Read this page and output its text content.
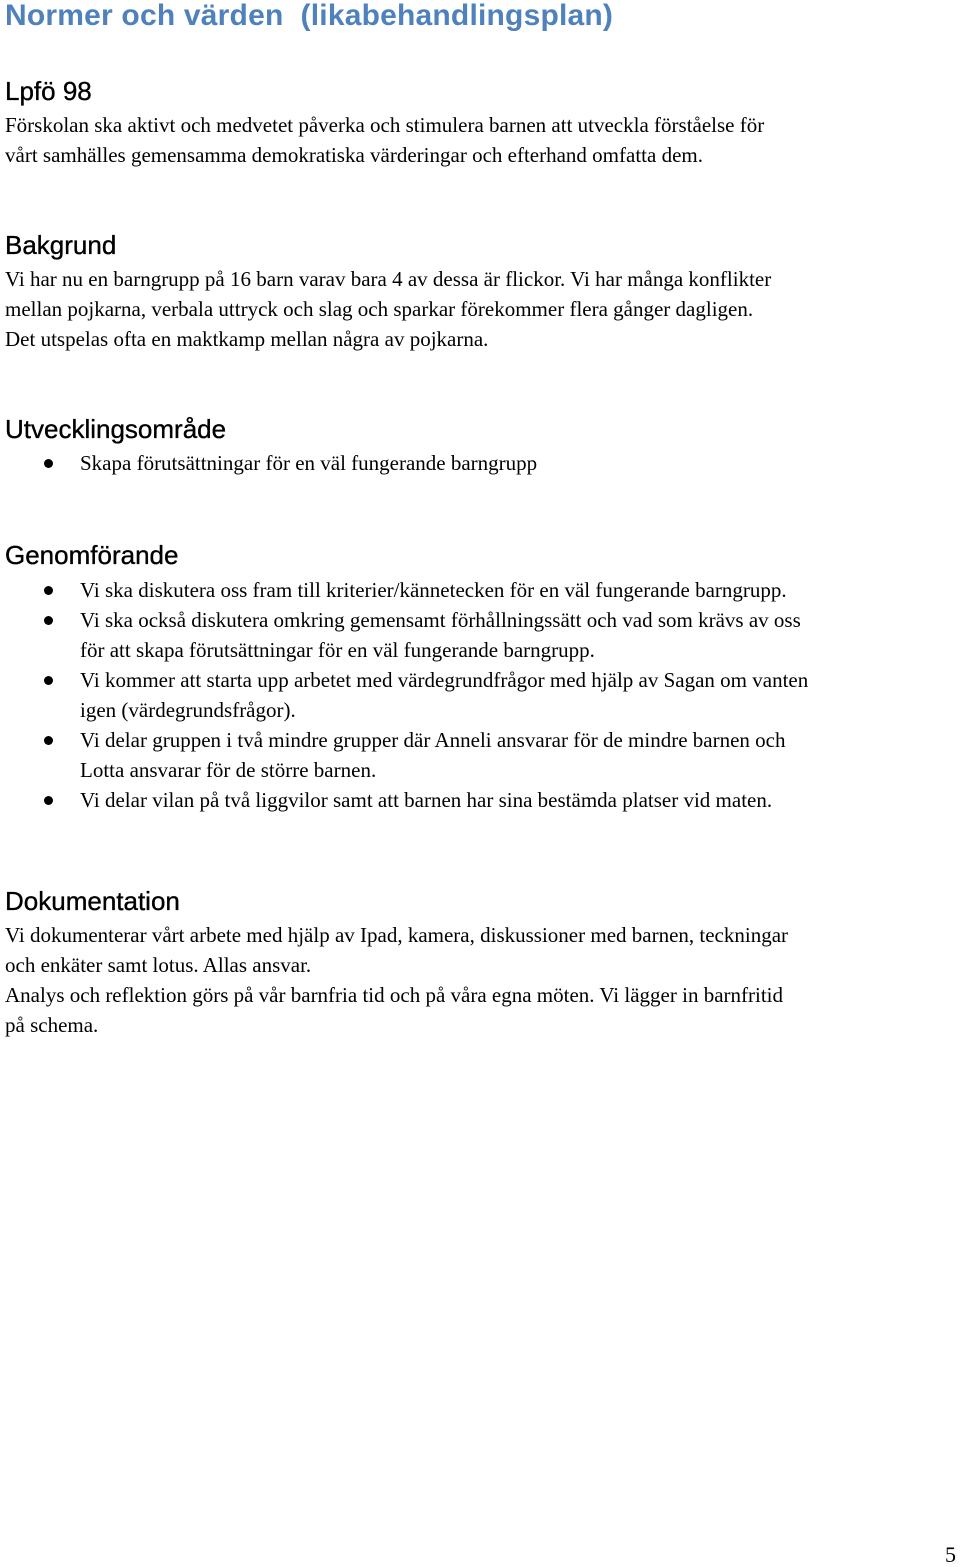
Normer och värden  (likabehandlingsplan)
Lpfö 98

Förskolan ska aktivt och medvetet påverka och stimulera barnen att utveckla förståelse för
vårt samhälles gemensamma demokratiska värderingar och efterhand omfatta dem.

Bakgrund

Vi har nu en barngrupp på 16 barn varav bara 4 av dessa är flickor. Vi har många konflikter
mellan pojkarna, verbala uttryck och slag och sparkar förekommer flera gånger dagligen.
Det utspelas ofta en maktkamp mellan några av pojkarna.

Utvecklingsområde
Skapa förutsättningar för en väl fungerande barngrupp
Genomförande
Vi ska diskutera oss fram till kriterier/kännetecken för en väl fungerande barngrupp.
Vi ska också diskutera omkring gemensamt förhållningssätt och vad som krävs av oss
för att skapa förutsättningar för en väl fungerande barngrupp.
Vi kommer att starta upp arbetet med värdegrundfrågor med hjälp av Sagan om vanten
igen (värdegrundsfrågor).
Vi delar gruppen i två mindre grupper där Anneli ansvarar för de mindre barnen och
Lotta ansvarar för de större barnen.
Vi delar vilan på två liggvilor samt att barnen har sina bestämda platser vid maten.
Dokumentation

Vi dokumenterar vårt arbete med hjälp av Ipad, kamera, diskussioner med barnen, teckningar
och enkäter samt lotus. Allas ansvar.
Analys och reflektion görs på vår barnfria tid och på våra egna möten. Vi lägger in barnfritid
på schema.

5
